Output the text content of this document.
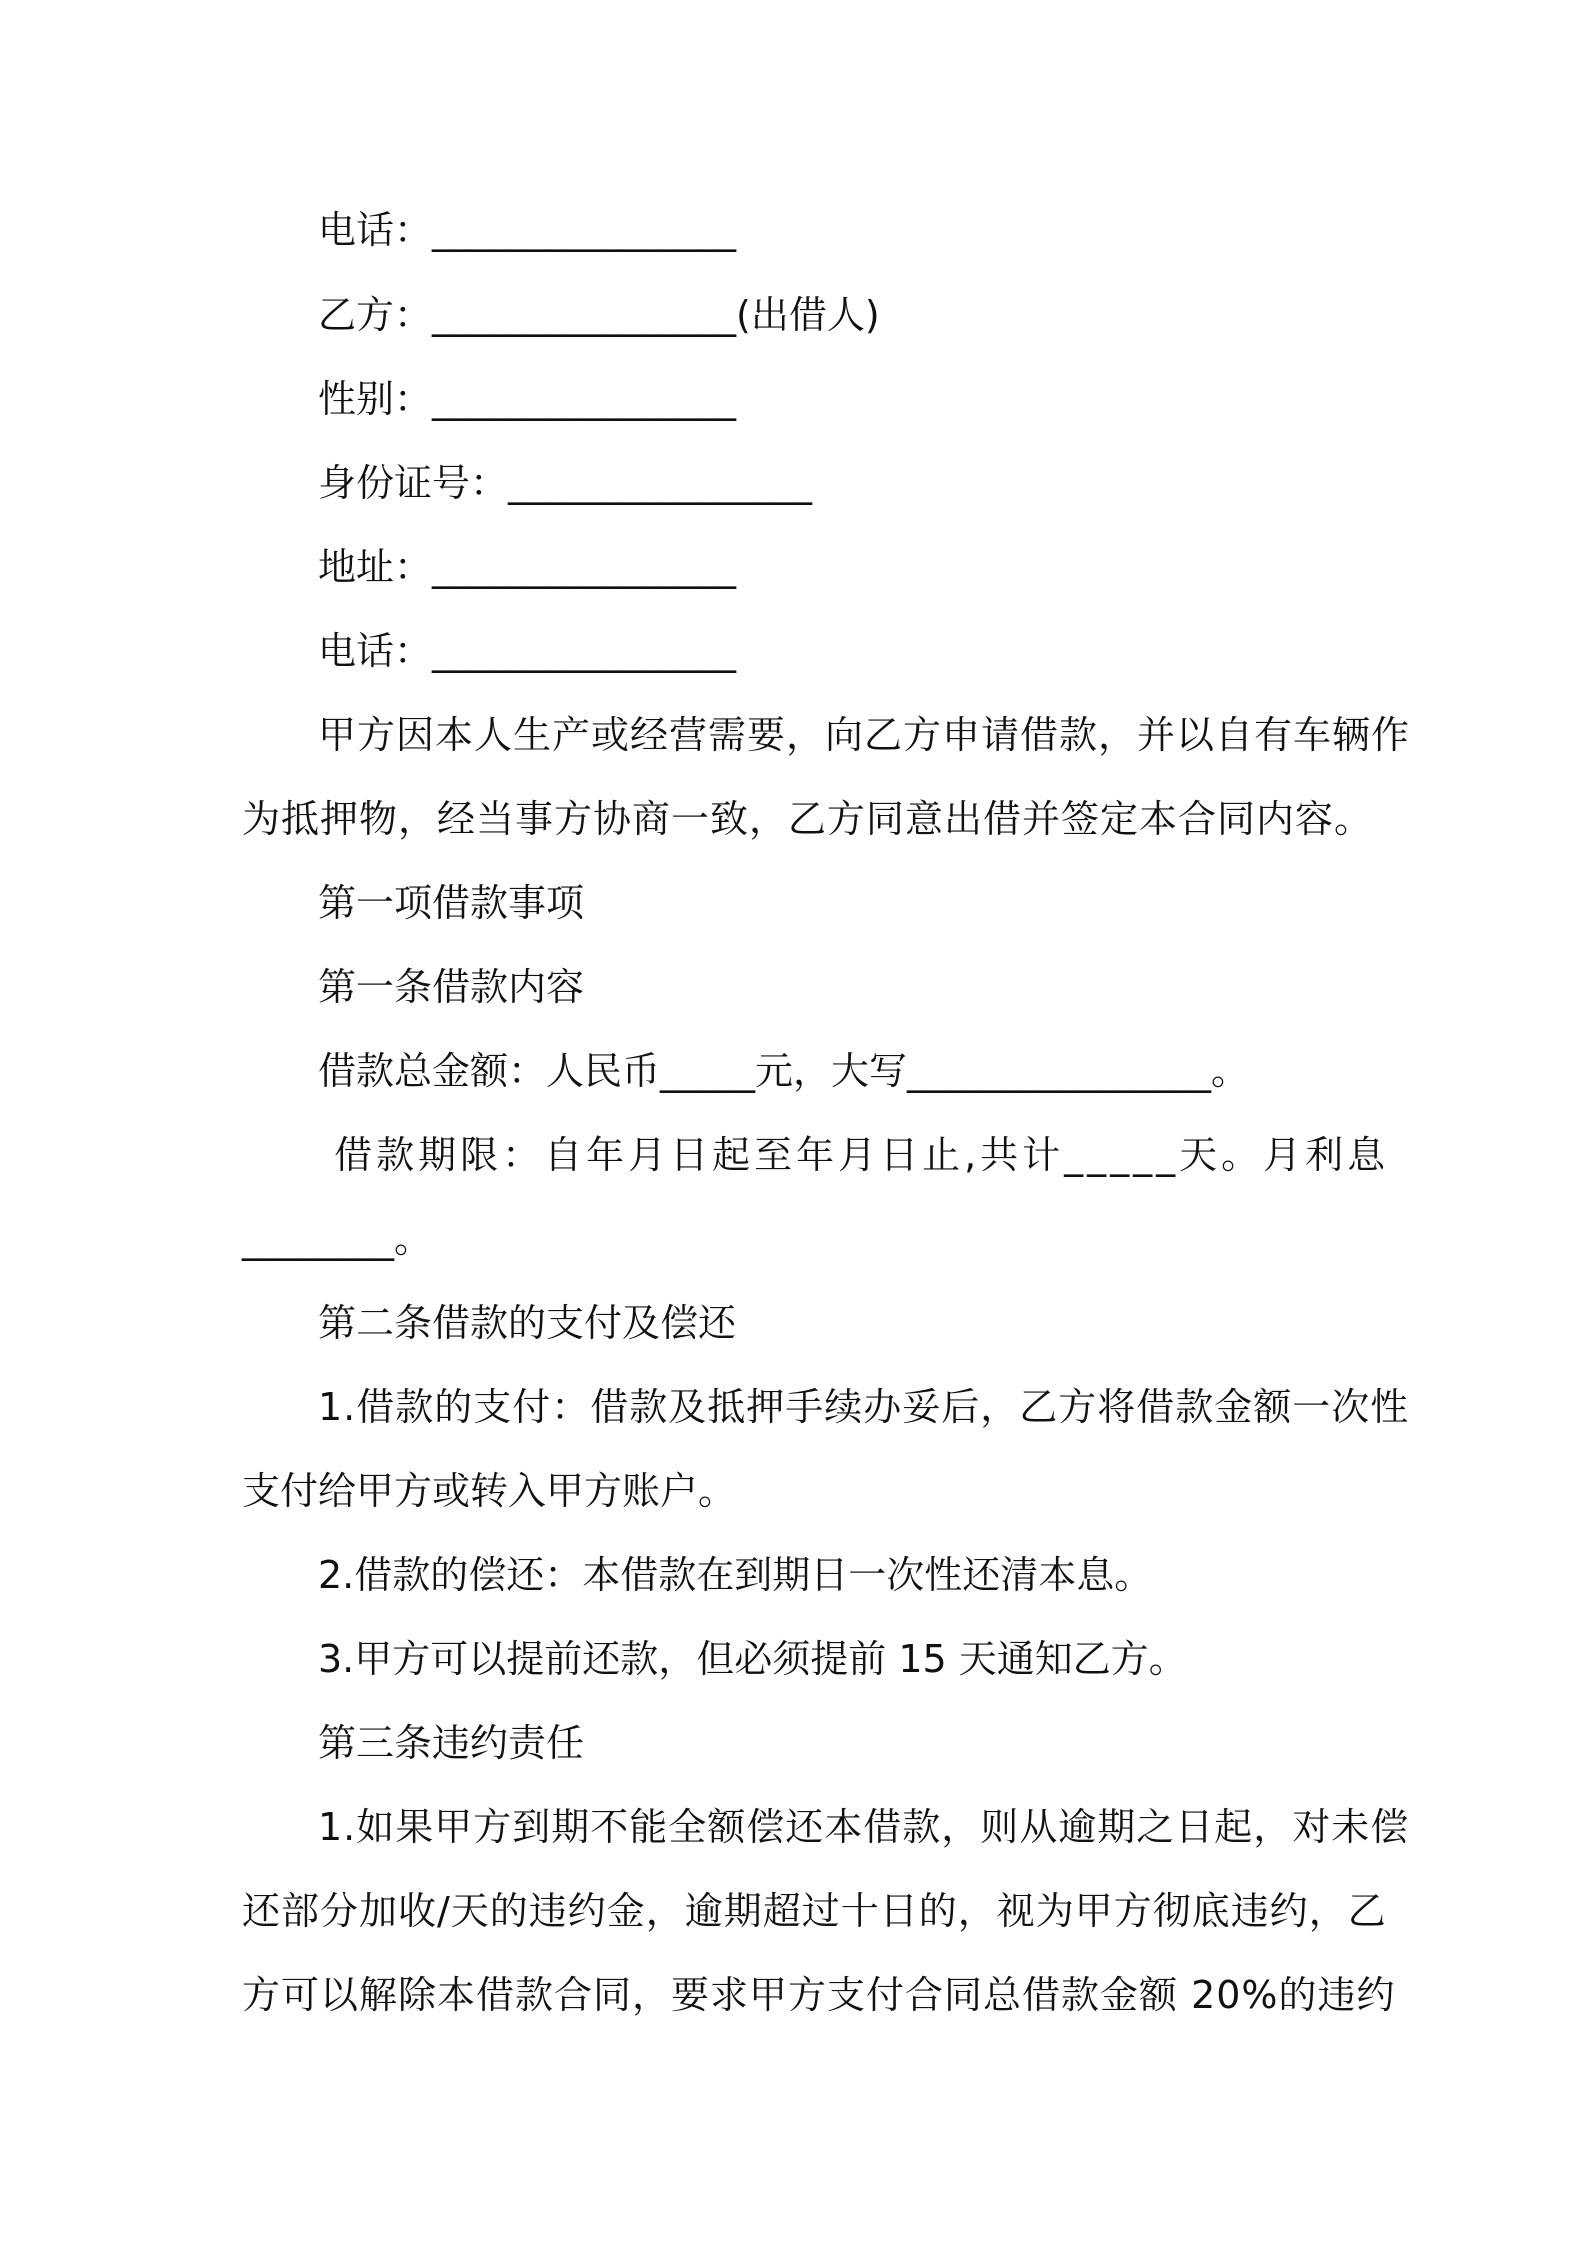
电话：________________

乙方：________________(出借人)

性别：________________

身份证号：________________

地址：________________

电话：________________

甲方因本人生产或经营需要，向乙方申请借款，并以自有车辆作

为抵押物，经当事方协商一致，乙方同意出借并签定本合同内容。

第一项借款事项

第一条借款内容

借款总金额：人民币_____元，大写________________。

借款期限：自年月日起至年月日止,共计_____天。月利息

________。

第二条借款的支付及偿还

1.借款的支付：借款及抵押手续办妥后，乙方将借款金额一次性

支付给甲方或转入甲方账户。

2.借款的偿还：本借款在到期日一次性还清本息。

3.甲方可以提前还款，但必须提前 15 天通知乙方。

第三条违约责任

1.如果甲方到期不能全额偿还本借款，则从逾期之日起，对未偿

还部分加收/天的违约金，逾期超过十日的，视为甲方彻底违约，乙

方可以解除本借款合同，要求甲方支付合同总借款金额 20%的违约
